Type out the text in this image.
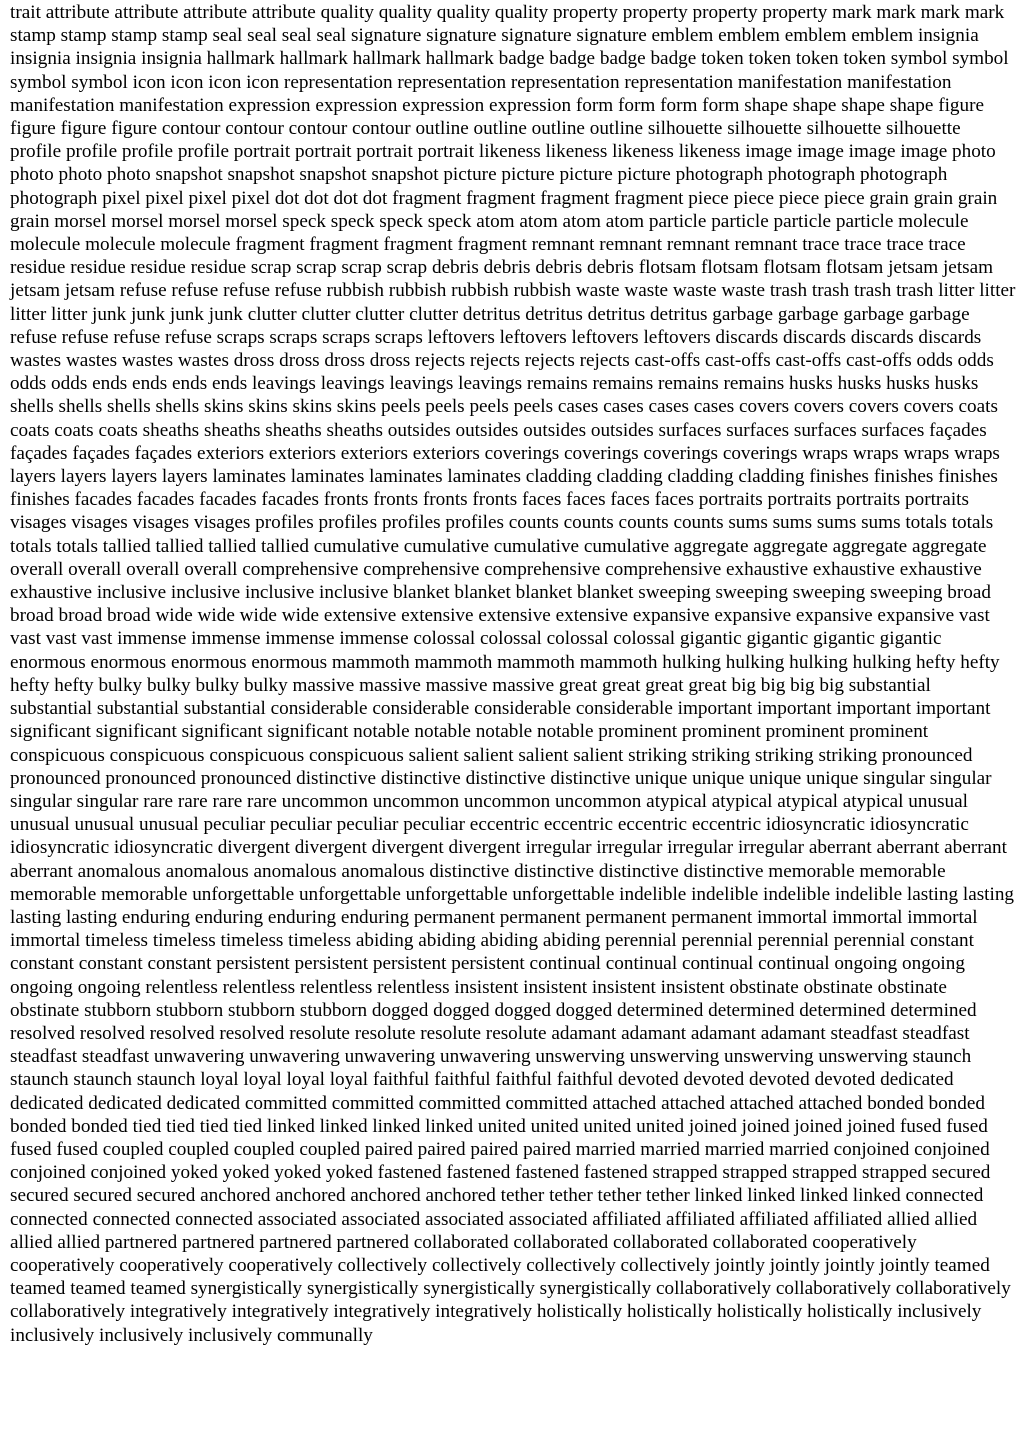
trait attribute attribute attribute attribute quality quality quality quality property property property property mark mark mark mark stamp stamp stamp stamp seal seal seal seal signature signature signature signature emblem emblem emblem emblem insignia insignia insignia insignia hallmark hallmark hallmark hallmark badge badge badge badge token token token token symbol symbol symbol symbol icon icon icon icon representation representation representation representation manifestation manifestation manifestation manifestation expression expression expression expression form form form form shape shape shape shape figure figure figure figure contour contour contour contour outline outline outline outline silhouette silhouette silhouette silhouette profile profile profile profile portrait portrait portrait portrait likeness likeness likeness likeness image image image image photo photo photo photo snapshot snapshot snapshot snapshot picture picture picture picture photograph photograph photograph photograph pixel pixel pixel pixel dot dot dot dot fragment fragment fragment fragment piece piece piece piece grain grain grain grain morsel morsel morsel morsel speck speck speck speck atom atom atom atom particle particle particle particle molecule molecule molecule molecule fragment fragment fragment fragment remnant remnant remnant remnant trace trace trace trace residue residue residue residue scrap scrap scrap scrap debris debris debris debris flotsam flotsam flotsam flotsam jetsam jetsam jetsam jetsam refuse refuse refuse refuse rubbish rubbish rubbish rubbish waste waste waste waste trash trash trash trash litter litter litter litter junk junk junk junk clutter clutter clutter clutter detritus detritus detritus detritus garbage garbage garbage garbage refuse refuse refuse refuse scraps scraps scraps scraps leftovers leftovers leftovers leftovers discards discards discards discards wastes wastes wastes wastes dross dross dross dross rejects rejects rejects rejects cast-offs cast-offs cast-offs cast-offs odds odds odds odds ends ends ends ends leavings leavings leavings leavings remains remains remains remains husks husks husks husks shells shells shells shells skins skins skins skins peels peels peels peels cases cases cases cases covers covers covers covers coats coats coats coats sheaths sheaths sheaths sheaths outsides outsides outsides outsides surfaces surfaces surfaces surfaces façades façades façades façades exteriors exteriors exteriors exteriors coverings coverings coverings coverings wraps wraps wraps wraps layers layers layers layers laminates laminates laminates laminates cladding cladding cladding cladding finishes finishes finishes finishes facades facades facades facades fronts fronts fronts fronts faces faces faces faces portraits portraits portraits portraits visages visages visages visages profiles profiles profiles profiles counts counts counts counts sums sums sums sums totals totals totals totals tallied tallied tallied tallied cumulative cumulative cumulative cumulative aggregate aggregate aggregate aggregate overall overall overall overall comprehensive comprehensive comprehensive comprehensive exhaustive exhaustive exhaustive exhaustive inclusive inclusive inclusive inclusive blanket blanket blanket blanket sweeping sweeping sweeping sweeping broad broad broad broad wide wide wide wide extensive extensive extensive extensive expansive expansive expansive expansive vast vast vast vast immense immense immense immense colossal colossal colossal colossal gigantic gigantic gigantic gigantic enormous enormous enormous enormous mammoth mammoth mammoth mammoth hulking hulking hulking hulking hefty hefty hefty hefty bulky bulky bulky bulky massive massive massive massive great great great great big big big big substantial substantial substantial substantial considerable considerable considerable considerable important important important important significant significant significant significant notable notable notable notable prominent prominent prominent prominent conspicuous conspicuous conspicuous conspicuous salient salient salient salient striking striking striking striking pronounced pronounced pronounced pronounced distinctive distinctive distinctive distinctive unique unique unique unique singular singular singular singular rare rare rare rare uncommon uncommon uncommon uncommon atypical atypical atypical atypical unusual unusual unusual unusual peculiar peculiar peculiar peculiar eccentric eccentric eccentric eccentric idiosyncratic idiosyncratic idiosyncratic idiosyncratic divergent divergent divergent divergent irregular irregular irregular irregular aberrant aberrant aberrant aberrant anomalous anomalous anomalous anomalous distinctive distinctive distinctive distinctive memorable memorable memorable memorable unforgettable unforgettable unforgettable unforgettable indelible indelible indelible indelible lasting lasting lasting lasting enduring enduring enduring enduring permanent permanent permanent permanent immortal immortal immortal immortal timeless timeless timeless timeless abiding abiding abiding abiding perennial perennial perennial perennial constant constant constant constant persistent persistent persistent persistent continual continual continual continual ongoing ongoing ongoing ongoing relentless relentless relentless relentless insistent insistent insistent insistent obstinate obstinate obstinate obstinate stubborn stubborn stubborn stubborn dogged dogged dogged dogged determined determined determined determined resolved resolved resolved resolved resolute resolute resolute resolute adamant adamant adamant adamant steadfast steadfast steadfast steadfast unwavering unwavering unwavering unwavering unswerving unswerving unswerving unswerving staunch staunch staunch staunch loyal loyal loyal loyal faithful faithful faithful faithful devoted devoted devoted devoted dedicated dedicated dedicated dedicated committed committed committed committed attached attached attached attached bonded bonded bonded bonded tied tied tied tied linked linked linked linked united united united united joined joined joined joined fused fused fused fused coupled coupled coupled coupled paired paired paired paired married married married married conjoined conjoined conjoined conjoined yoked yoked yoked yoked fastened fastened fastened fastened strapped strapped strapped strapped secured secured secured secured anchored anchored anchored anchored tether tether tether tether linked linked linked linked connected connected connected connected associated associated associated associated affiliated affiliated affiliated affiliated allied allied allied allied partnered partnered partnered partnered collaborated collaborated collaborated collaborated cooperatively cooperatively cooperatively cooperatively collectively collectively collectively collectively jointly jointly jointly jointly teamed teamed teamed teamed synergistically synergistically synergistically synergistically collaboratively collaboratively collaboratively collaboratively integratively integratively integratively integratively holistically holistically holistically holistically inclusively inclusively inclusively inclusively communally
